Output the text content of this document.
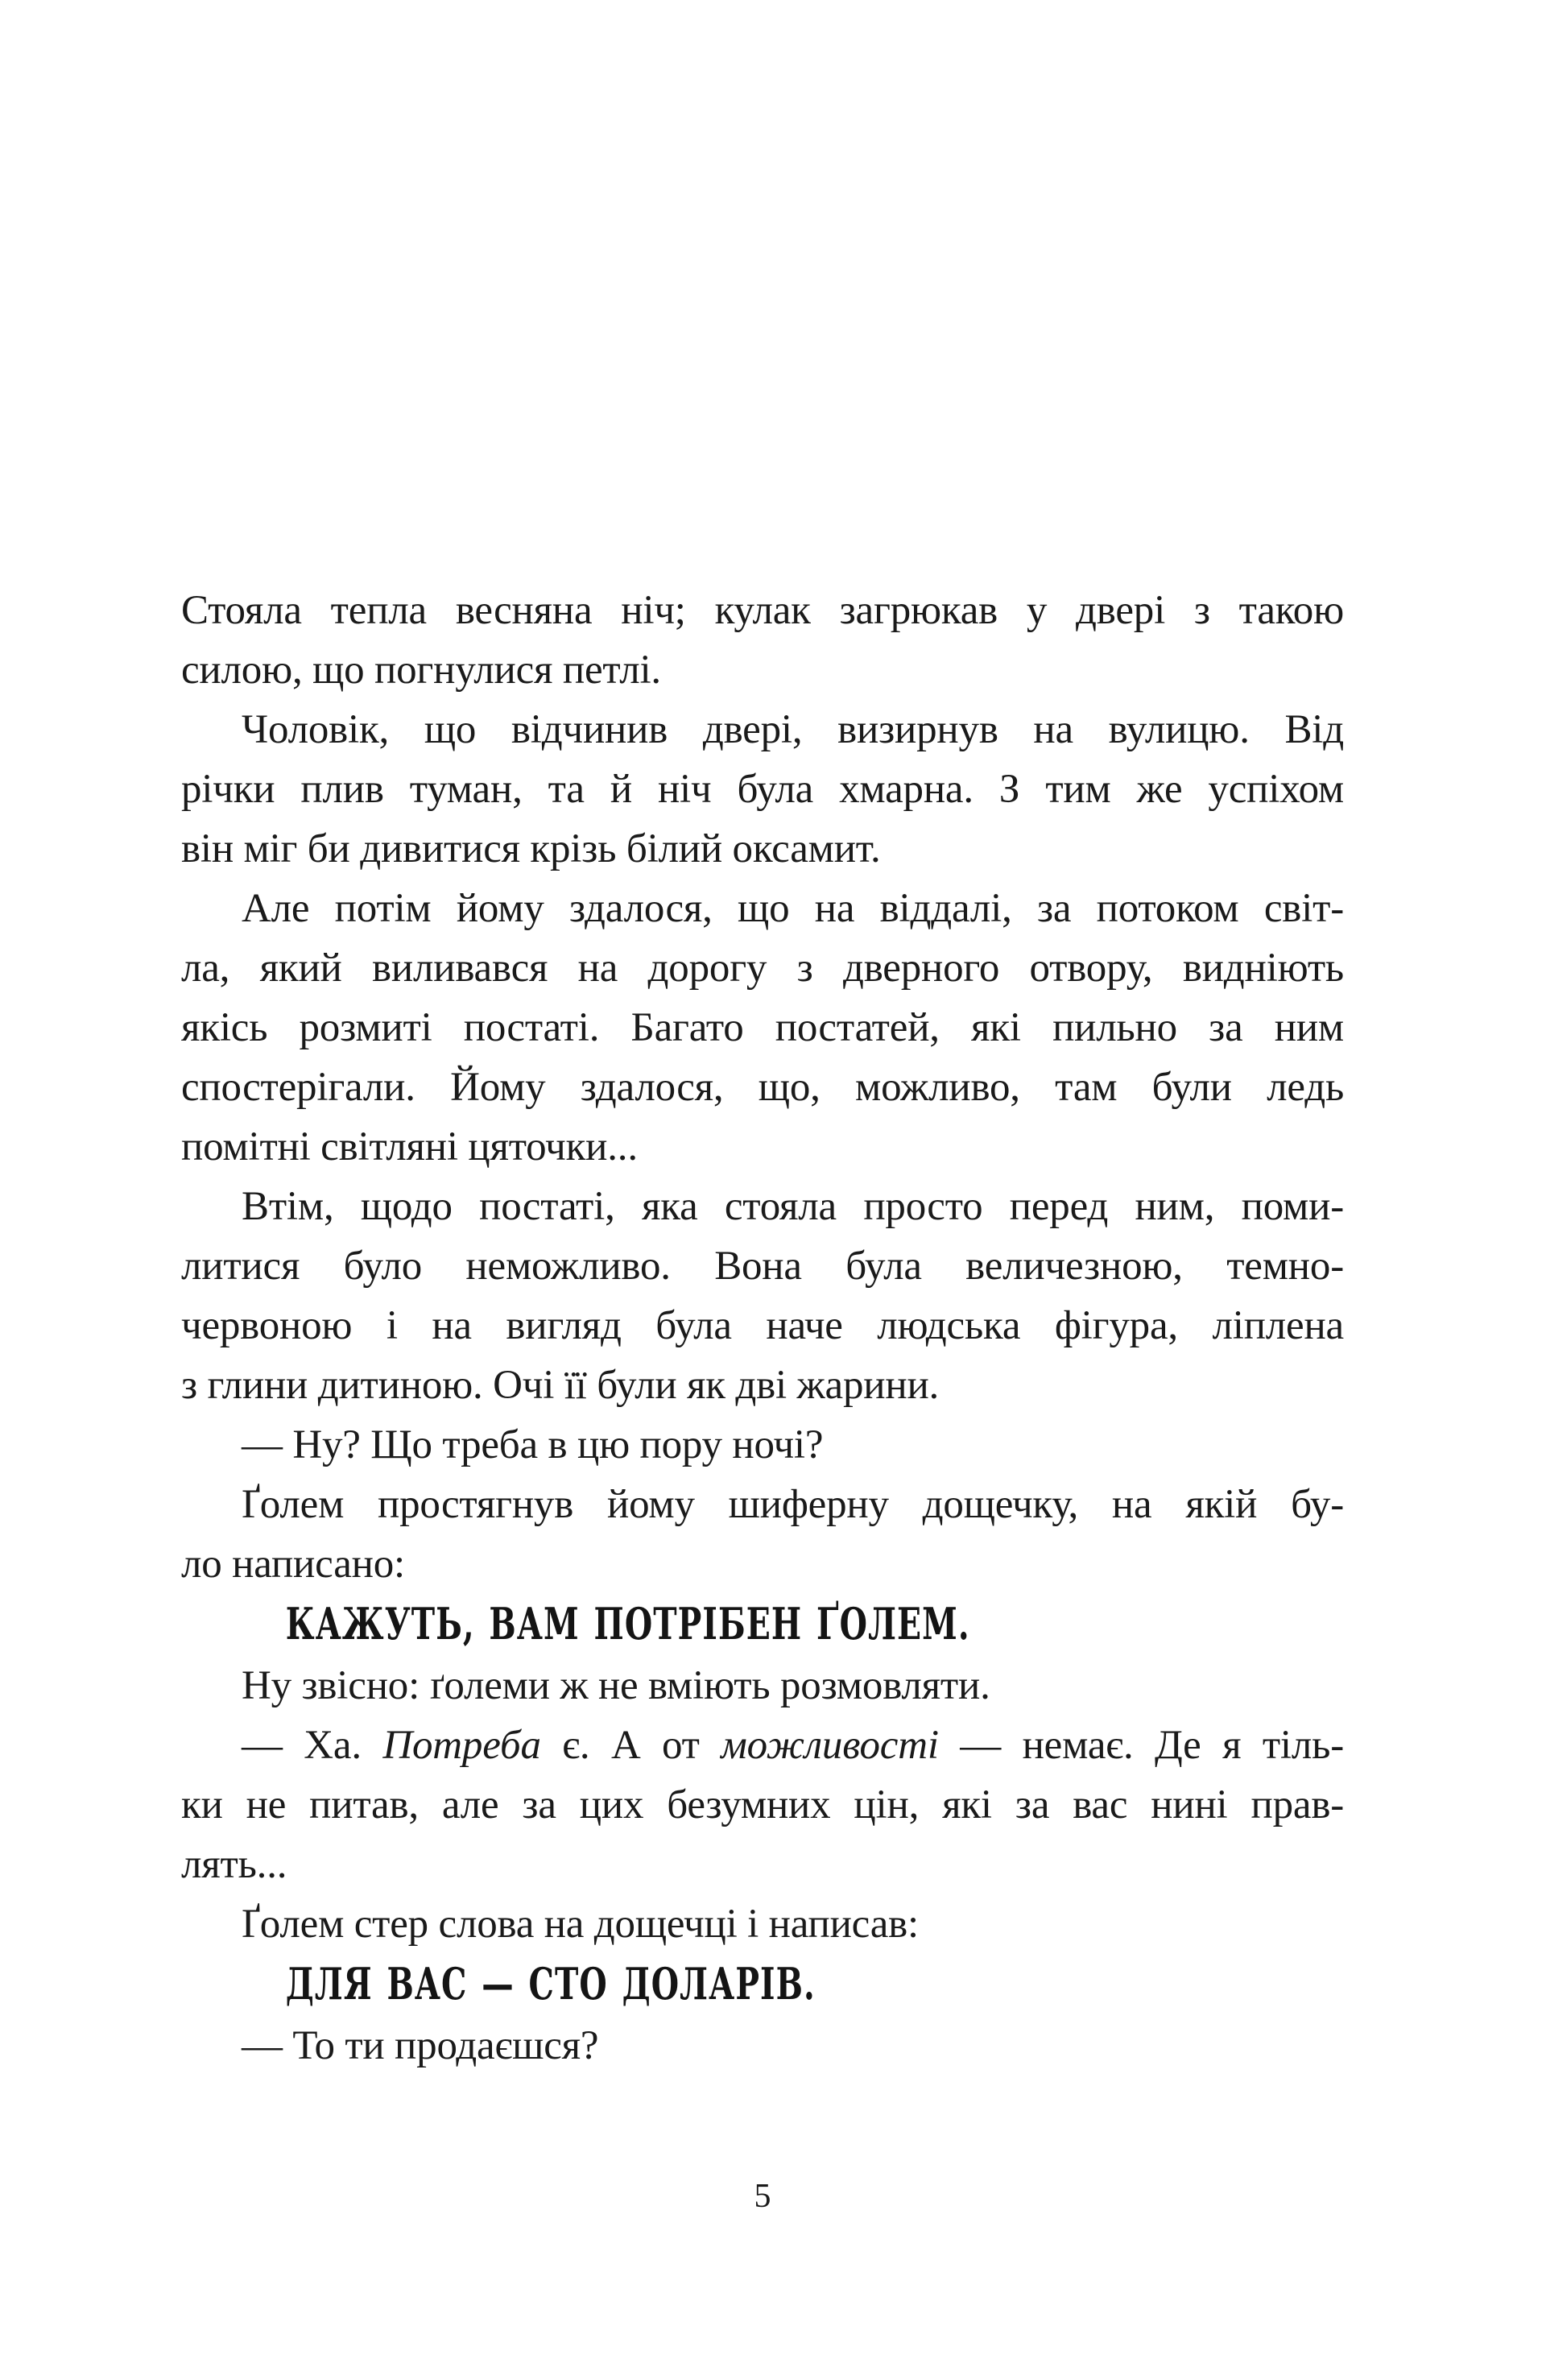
Стояла тепла весняна ніч; кулак загрюкав у двері з такою
силою, що погнулися петлі.
Чоловік, що відчинив двері, визирнув на вулицю. Від
річки плив туман, та й ніч була хмарна. З тим же успіхом
він міг би дивитися крізь білий оксамит.
Але потім йому здалося, що на віддалі, за потоком світ-
ла, який виливався на дорогу з дверного отвору, видніють
якісь розмиті постаті. Багато постатей, які пильно за ним
спостерігали. Йому здалося, що, можливо, там були ледь
помітні світляні цяточки...
Втім, щодо постаті, яка стояла просто перед ним, поми-
литися було неможливо. Вона була величезною, темно-
червоною і на вигляд була наче людська фігура, ліплена
з глини дитиною. Очі її були як дві жарини.
— Ну? Що треба в цю пору ночі?
Ґолем простягнув йому шиферну дощечку, на якій бу-
ло написано:
КАЖУТЬ, ВАМ ПОТРІБЕН ҐОЛЕМ.
Ну звісно: ґолеми ж не вміють розмовляти.
— Ха. Потреба є. А от можливості — немає. Де я тіль-
ки не питав, але за цих безумних цін, які за вас нині прав-
лять...
Ґолем стер слова на дощечці і написав:
ДЛЯ ВАС — СТО ДОЛАРІВ.
— То ти продаєшся?
5
